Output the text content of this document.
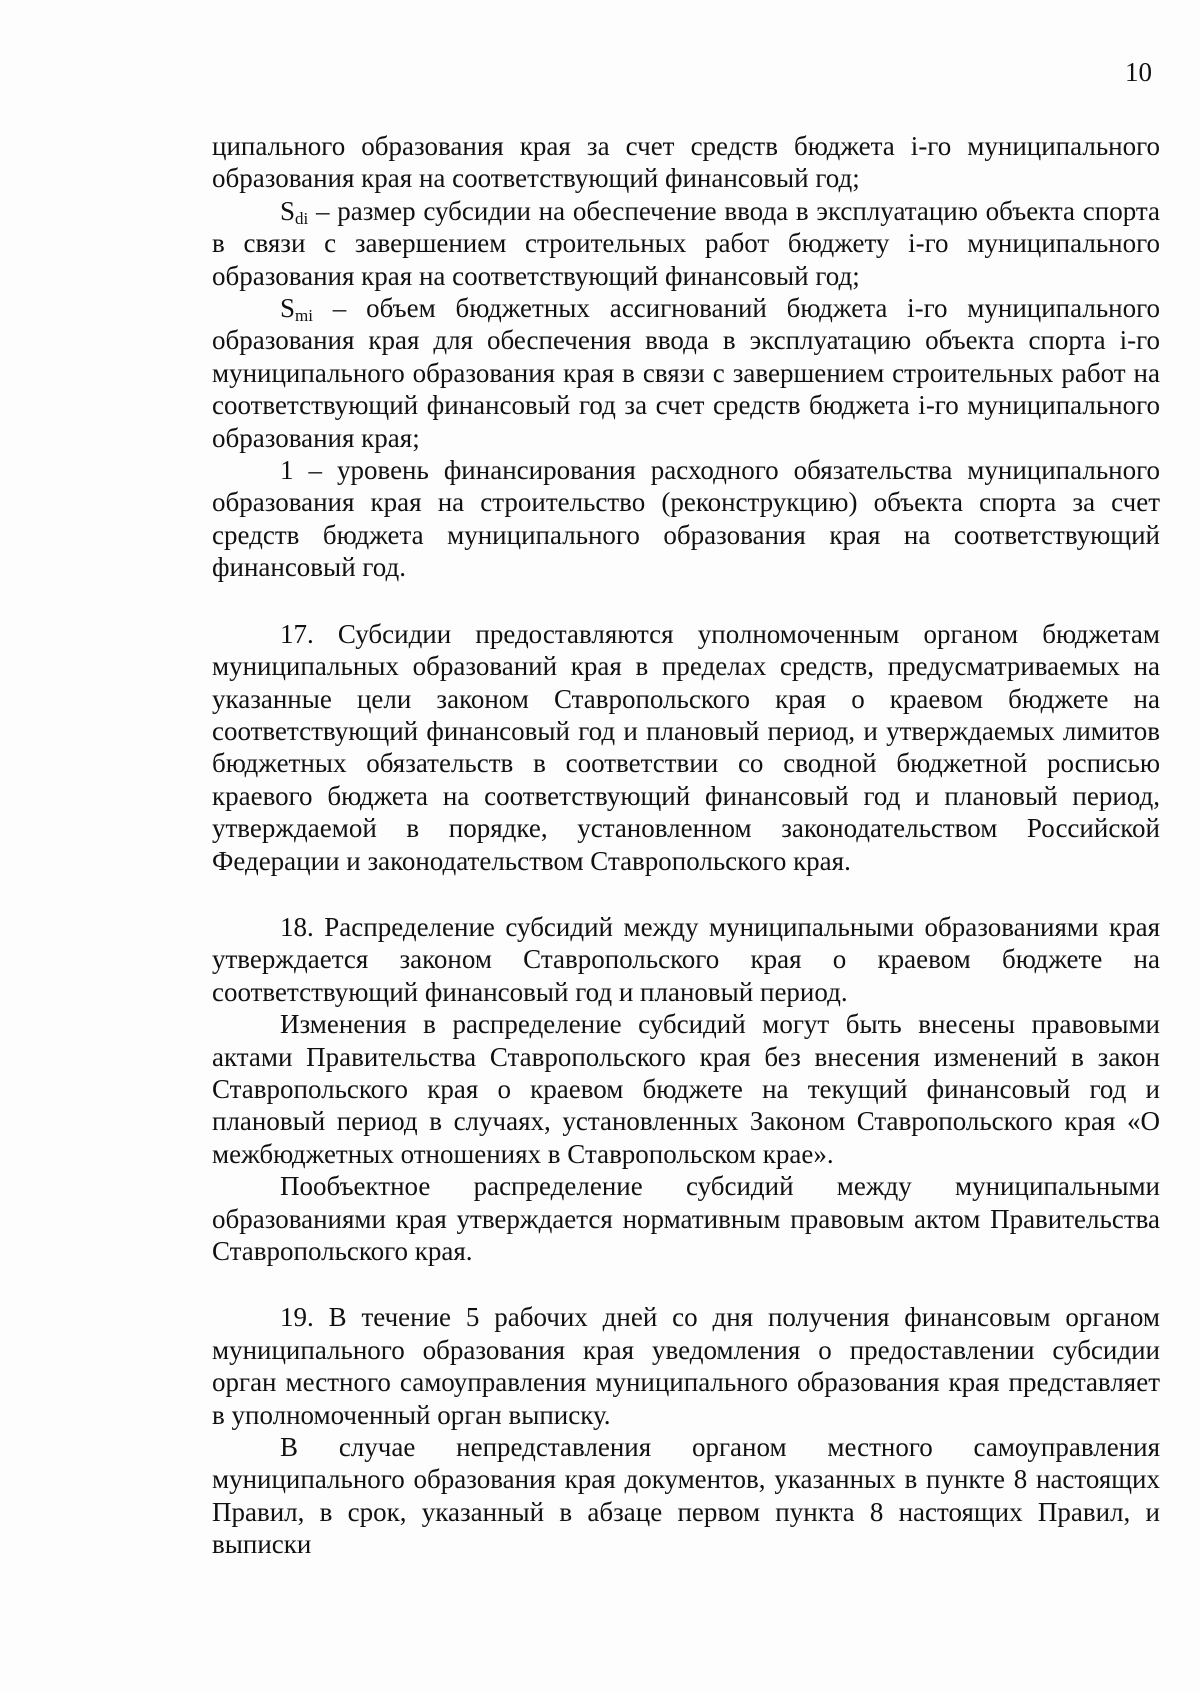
10

ципального образования края за счет средств бюджета i-го муниципального образования края на соответствующий финансовый год;

$S_{di}$ – размер субсидии на обеспечение ввода в эксплуатацию объекта спорта в связи с завершением строительных работ бюджету i-го муниципального образования края на соответствующий финансовый год;

$S_{mi}$ – объем бюджетных ассигнований бюджета i-го муниципального образования края для обеспечения ввода в эксплуатацию объекта спорта i-го муниципального образования края в связи с завершением строительных работ на соответствующий финансовый год за счет средств бюджета i-го муниципального образования края;

1 – уровень финансирования расходного обязательства муниципального образования края на строительство (реконструкцию) объекта спорта за счет средств бюджета муниципального образования края на соответствующий финансовый год.

17. Субсидии предоставляются уполномоченным органом бюджетам муниципальных образований края в пределах средств, предусматриваемых на указанные цели законом Ставропольского края о краевом бюджете на соответствующий финансовый год и плановый период, и утверждаемых лимитов бюджетных обязательств в соответствии со сводной бюджетной росписью краевого бюджета на соответствующий финансовый год и плановый период, утверждаемой в порядке, установленном законодательством Российской Федерации и законодательством Ставропольского края.

18. Распределение субсидий между муниципальными образованиями края утверждается законом Ставропольского края о краевом бюджете на соответствующий финансовый год и плановый период.

Изменения в распределение субсидий могут быть внесены правовыми актами Правительства Ставропольского края без внесения изменений в закон Ставропольского края о краевом бюджете на текущий финансовый год и плановый период в случаях, установленных Законом Ставропольского края «О межбюджетных отношениях в Ставропольском крае».

Пообъектное распределение субсидий между муниципальными образованиями края утверждается нормативным правовым актом Правительства Ставропольского края.

19. В течение 5 рабочих дней со дня получения финансовым органом муниципального образования края уведомления о предоставлении субсидии орган местного самоуправления муниципального образования края представляет в уполномоченный орган выписку.

В случае непредставления органом местного самоуправления муниципального образования края документов, указанных в пункте 8 настоящих Правил, в срок, указанный в абзаце первом пункта 8 настоящих Правил, и выписки
